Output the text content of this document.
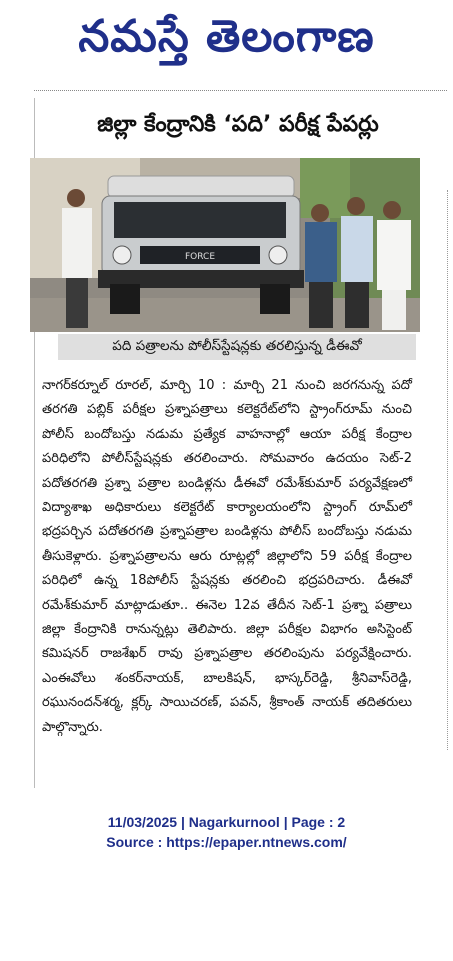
నమస్తే తెలంగాణ
జిల్లా కేంద్రానికి ‘పది’ పరీక్ష పేపర్లు
FORCE
పది పత్రాలను పోలీస్‌స్టేషన్లకు తరలిస్తున్న డీఈవో

నాగర్‌కర్నూల్ రూరల్, మార్చి 10 : మార్చి 21 నుంచి జరగనున్న పదో తరగతి పబ్లిక్ పరీక్షల ప్రశ్నాపత్రాలు కలెక్టరేట్‌లోని స్ట్రాంగ్‌రూమ్ నుంచి పోలీస్ బందోబస్తు నడుమ ప్రత్యేక వాహనాల్లో ఆయా పరీక్ష కేంద్రాల పరిధిలోని పోలీస్‌స్టేషన్లకు తరలించారు. సోమవారం ఉదయం సెట్-2 పదోతరగతి ప్రశ్నా పత్రాల బండిళ్లను డీఈవో రమేశ్‌కుమార్ పర్యవేక్షణలో విద్యాశాఖ అధికారులు కలెక్టరేట్ కార్యాలయంలోని స్ట్రాంగ్ రూమ్‌లో భద్రపర్చిన పదోతరగతి ప్రశ్నాపత్రాల బండిళ్లను పోలీస్ బందోబస్తు నడుమ తీసుకెళ్లారు. ప్రశ్నాపత్రాలను ఆరు రూట్లల్లో జిల్లాలోని 59 పరీక్ష కేంద్రాల పరిధిలో ఉన్న 18పోలీస్ స్టేషన్లకు తరలించి భద్రపరిచారు. డీఈవో రమేశ్‌కుమార్ మాట్లాడుతూ.. ఈనెల 12వ తేదీన సెట్-1 ప్రశ్నా పత్రాలు జిల్లా కేంద్రానికి రానున్నట్లు తెలిపారు. జిల్లా పరీక్షల విభాగం అసిస్టెంట్ కమిషనర్ రాజశేఖర్ రావు ప్రశ్నాపత్రాల తరలింపును పర్యవేక్షించారు. ఎంఈవోలు శంకర్‌నాయక్, బాలకిషన్, భాస్కర్‌రెడ్డి, శ్రీనివాస్‌రెడ్డి, రఘునందన్‌శర్మ, క్లర్క్ సాయిచరణ్, పవన్, శ్రీకాంత్ నాయక్ తదితరులు పాల్గొన్నారు.

11/03/2025 | Nagarkurnool | Page : 2
Source : https://epaper.ntnews.com/
